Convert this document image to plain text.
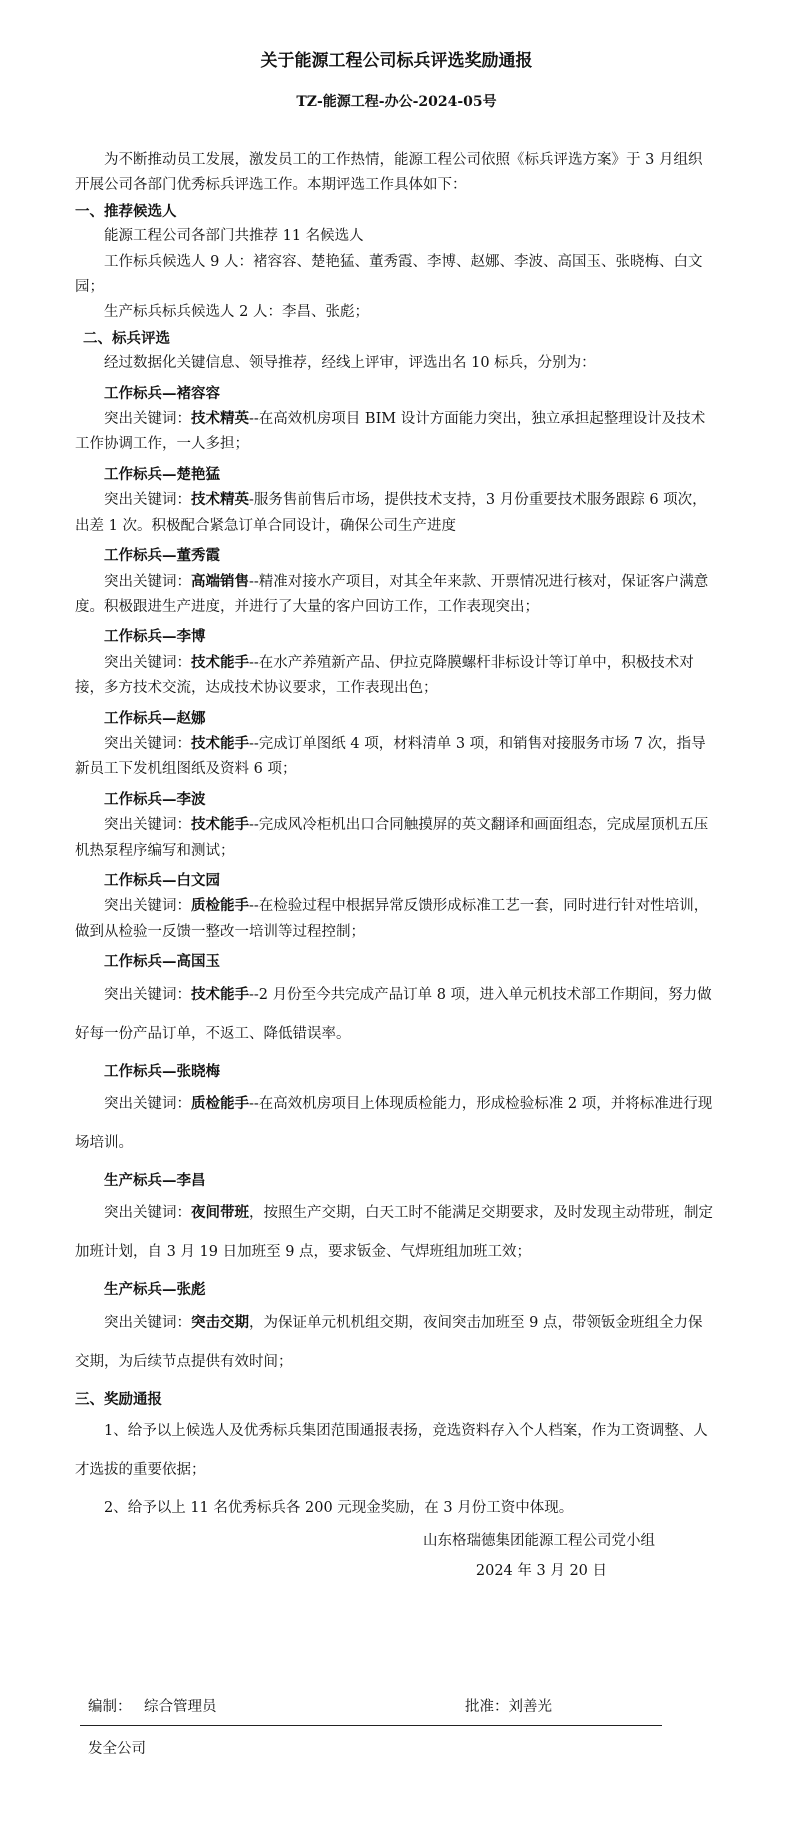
关于能源工程公司标兵评选奖励通报
TZ-能源工程-办公-2024-05号

为不断推动员工发展，激发员工的工作热情，能源工程公司依照《标兵评选方案》于 3 月组织开展公司各部门优秀标兵评选工作。本期评选工作具体如下：

一、推荐候选人

能源工程公司各部门共推荐 11 名候选人

工作标兵候选人 9 人：褚容容、楚艳猛、董秀霞、李博、赵娜、李波、高国玉、张晓梅、白文园；

生产标兵标兵候选人 2 人：李昌、张彪；

二、标兵评选

经过数据化关键信息、领导推荐，经线上评审，评选出名 10 标兵，分别为：

工作标兵—褚容容

突出关键词：技术精英--在高效机房项目 BIM 设计方面能力突出，独立承担起整理设计及技术工作协调工作，一人多担；

工作标兵—楚艳猛

突出关键词：技术精英-服务售前售后市场，提供技术支持，3 月份重要技术服务跟踪 6 项次，出差 1 次。积极配合紧急订单合同设计，确保公司生产进度

工作标兵—董秀霞

突出关键词：高端销售--精准对接水产项目，对其全年来款、开票情况进行核对，保证客户满意度。积极跟进生产进度，并进行了大量的客户回访工作，工作表现突出；

工作标兵—李博

突出关键词：技术能手--在水产养殖新产品、伊拉克降膜螺杆非标设计等订单中，积极技术对接，多方技术交流，达成技术协议要求，工作表现出色；

工作标兵—赵娜

突出关键词：技术能手--完成订单图纸 4 项，材料清单 3 项，和销售对接服务市场 7 次，指导新员工下发机组图纸及资料 6 项；

工作标兵—李波

突出关键词：技术能手--完成风冷柜机出口合同触摸屏的英文翻译和画面组态，完成屋顶机五压机热泵程序编写和测试；

工作标兵—白文园

突出关键词：质检能手--在检验过程中根据异常反馈形成标准工艺一套，同时进行针对性培训，做到从检验一反馈一整改一培训等过程控制；

工作标兵—高国玉

突出关键词：技术能手--2 月份至今共完成产品订单 8 项，进入单元机技术部工作期间，努力做好每一份产品订单，不返工、降低错误率。

工作标兵—张晓梅

突出关键词：质检能手--在高效机房项目上体现质检能力，形成检验标准 2 项，并将标准进行现场培训。

生产标兵—李昌

突出关键词：夜间带班，按照生产交期，白天工时不能满足交期要求，及时发现主动带班，制定加班计划，自 3 月 19 日加班至 9 点，要求钣金、气焊班组加班工效；

生产标兵—张彪

突出关键词：突击交期，为保证单元机机组交期，夜间突击加班至 9 点，带领钣金班组全力保交期，为后续节点提供有效时间；

三、奖励通报

1、给予以上候选人及优秀标兵集团范围通报表扬，竞选资料存入个人档案，作为工资调整、人才选拔的重要依据；

2、给予以上 11 名优秀标兵各 200 元现金奖励，在 3 月份工资中体现。

山东格瑞德集团能源工程公司党小组

2024 年 3 月 20 日

编制： 综合管理员	批准：刘善光
发全公司
